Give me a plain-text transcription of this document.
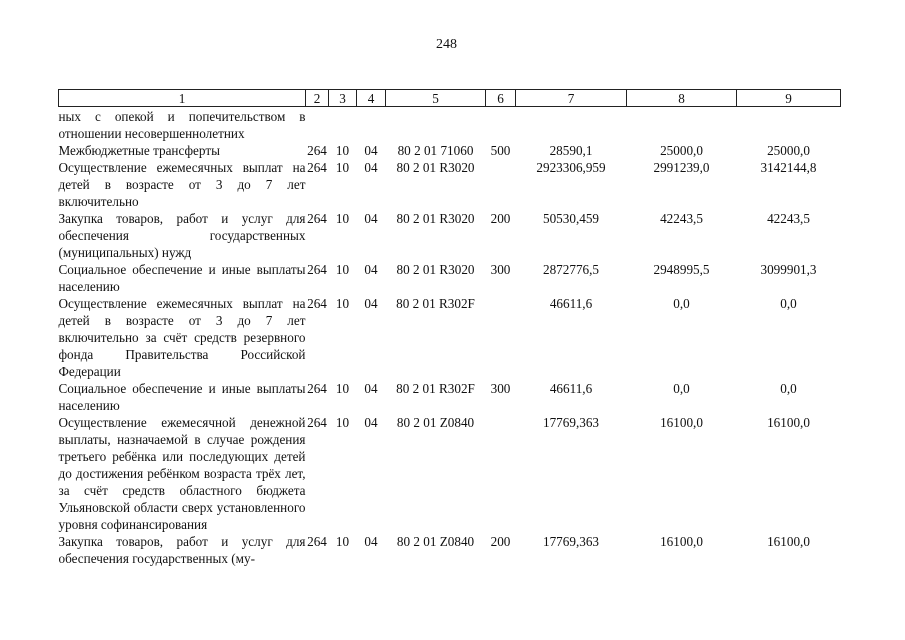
248
1	2	3	4	5	6	7	8	9
ных с опекой и попечительством в отношении несовершеннолетних								
Межбюджетные трансферты	264	10	04	80 2 01 71060	500	28590,1	25000,0	25000,0
Осуществление ежемесячных выплат на детей в возрасте от 3 до 7 лет включительно	264	10	04	80 2 01 R3020		2923306,959	2991239,0	3142144,8
Закупка товаров, работ и услуг для обеспечения государственных (муниципальных) нужд	264	10	04	80 2 01 R3020	200	50530,459	42243,5	42243,5
Социальное обеспечение и иные выплаты населению	264	10	04	80 2 01 R3020	300	2872776,5	2948995,5	3099901,3
Осуществление ежемесячных выплат на детей в возрасте от 3 до 7 лет включительно за счёт средств резервного фонда Правительства Российской Федерации	264	10	04	80 2 01 R302F		46611,6	0,0	0,0
Социальное обеспечение и иные выплаты населению	264	10	04	80 2 01 R302F	300	46611,6	0,0	0,0
Осуществление ежемесячной денежной выплаты, назначаемой в случае рождения третьего ребёнка или последующих детей до достижения ребёнком возраста трёх лет, за счёт средств областного бюджета Ульяновской области сверх установленного уровня софинансирования	264	10	04	80 2 01 Z0840		17769,363	16100,0	16100,0
Закупка товаров, работ и услуг для обеспечения государственных (му-	264	10	04	80 2 01 Z0840	200	17769,363	16100,0	16100,0
